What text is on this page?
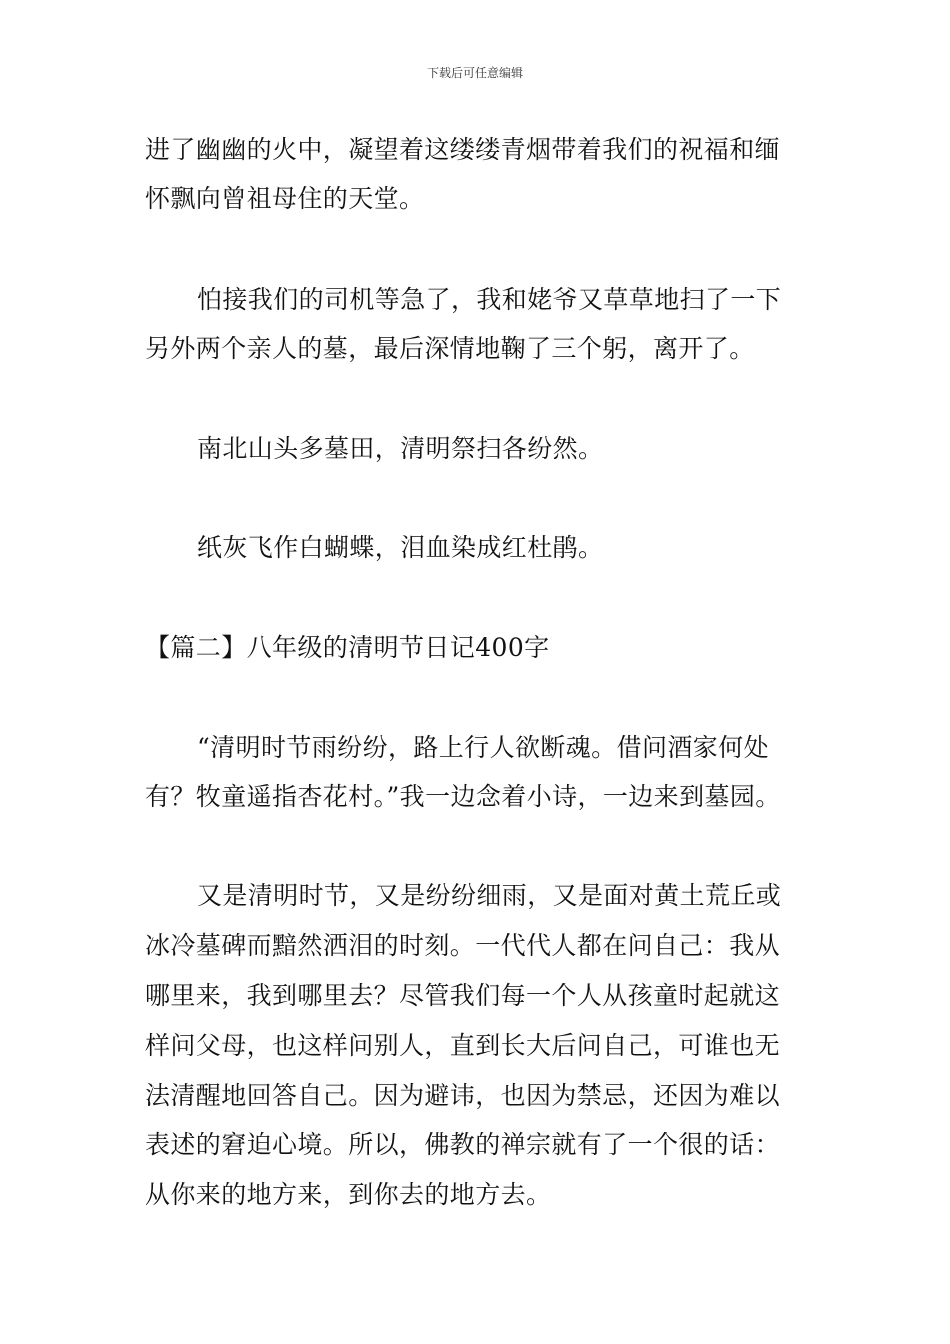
下载后可任意编辑
进了幽幽的火中，凝望着这缕缕青烟带着我们的祝福和缅
怀飘向曾祖母住的天堂。
怕接我们的司机等急了，我和姥爷又草草地扫了一下
另外两个亲人的墓，最后深情地鞠了三个躬，离开了。
南北山头多墓田，清明祭扫各纷然。
纸灰飞作白蝴蝶，泪血染成红杜鹃。
【篇二】八年级的清明节日记400字
“清明时节雨纷纷，路上行人欲断魂。借问酒家何处
有？牧童遥指杏花村。”我一边念着小诗，一边来到墓园。
又是清明时节，又是纷纷细雨，又是面对黄土荒丘或
冰冷墓碑而黯然洒泪的时刻。一代代人都在问自己：我从
哪里来，我到哪里去？尽管我们每一个人从孩童时起就这
样问父母，也这样问别人，直到长大后问自己，可谁也无
法清醒地回答自己。因为避讳，也因为禁忌，还因为难以
表述的窘迫心境。所以，佛教的禅宗就有了一个很的话：
从你来的地方来，到你去的地方去。
